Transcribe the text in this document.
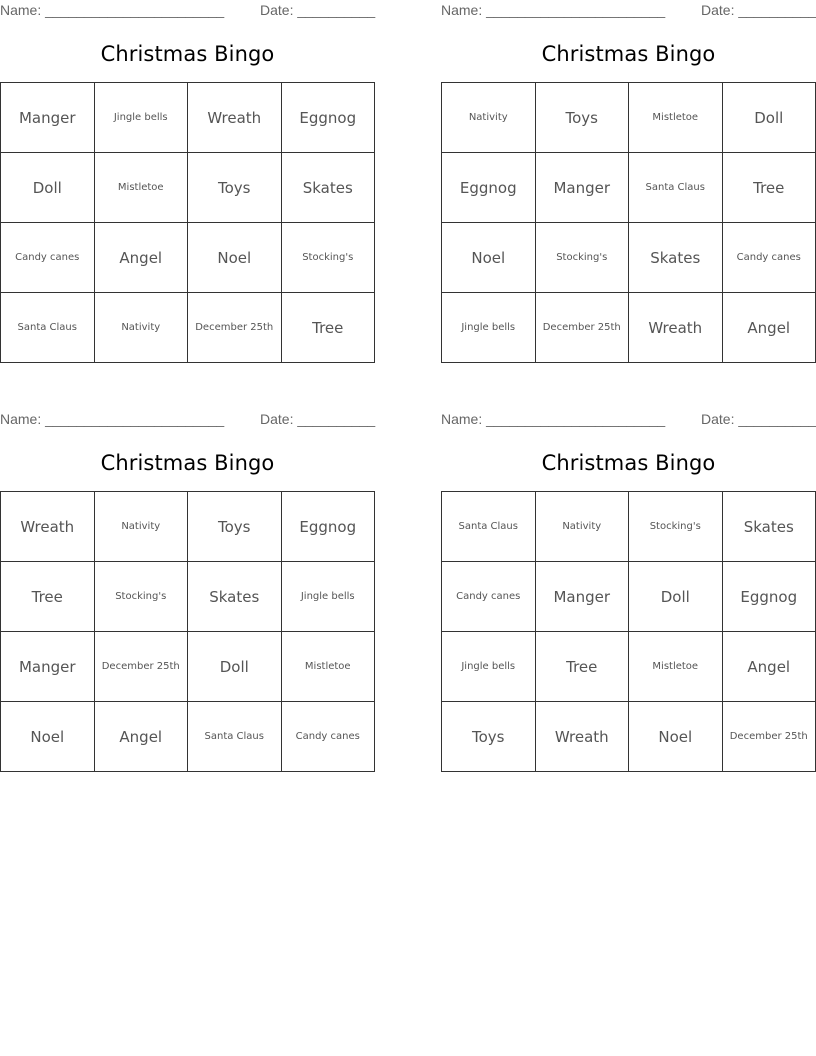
Name: _______________________	Date: __________
Christmas Bingo
Manger	Jingle bells	Wreath	Eggnog
Doll	Mistletoe	Toys	Skates
Candy canes	Angel	Noel	Stocking's
Santa Claus	Nativity	December 25th	Tree
Name: _______________________	Date: __________
Christmas Bingo
Nativity	Toys	Mistletoe	Doll
Eggnog	Manger	Santa Claus	Tree
Noel	Stocking's	Skates	Candy canes
Jingle bells	December 25th	Wreath	Angel
Name: _______________________	Date: __________
Christmas Bingo
Wreath	Nativity	Toys	Eggnog
Tree	Stocking's	Skates	Jingle bells
Manger	December 25th	Doll	Mistletoe
Noel	Angel	Santa Claus	Candy canes
Name: _______________________	Date: __________
Christmas Bingo
Santa Claus	Nativity	Stocking's	Skates
Candy canes	Manger	Doll	Eggnog
Jingle bells	Tree	Mistletoe	Angel
Toys	Wreath	Noel	December 25th
